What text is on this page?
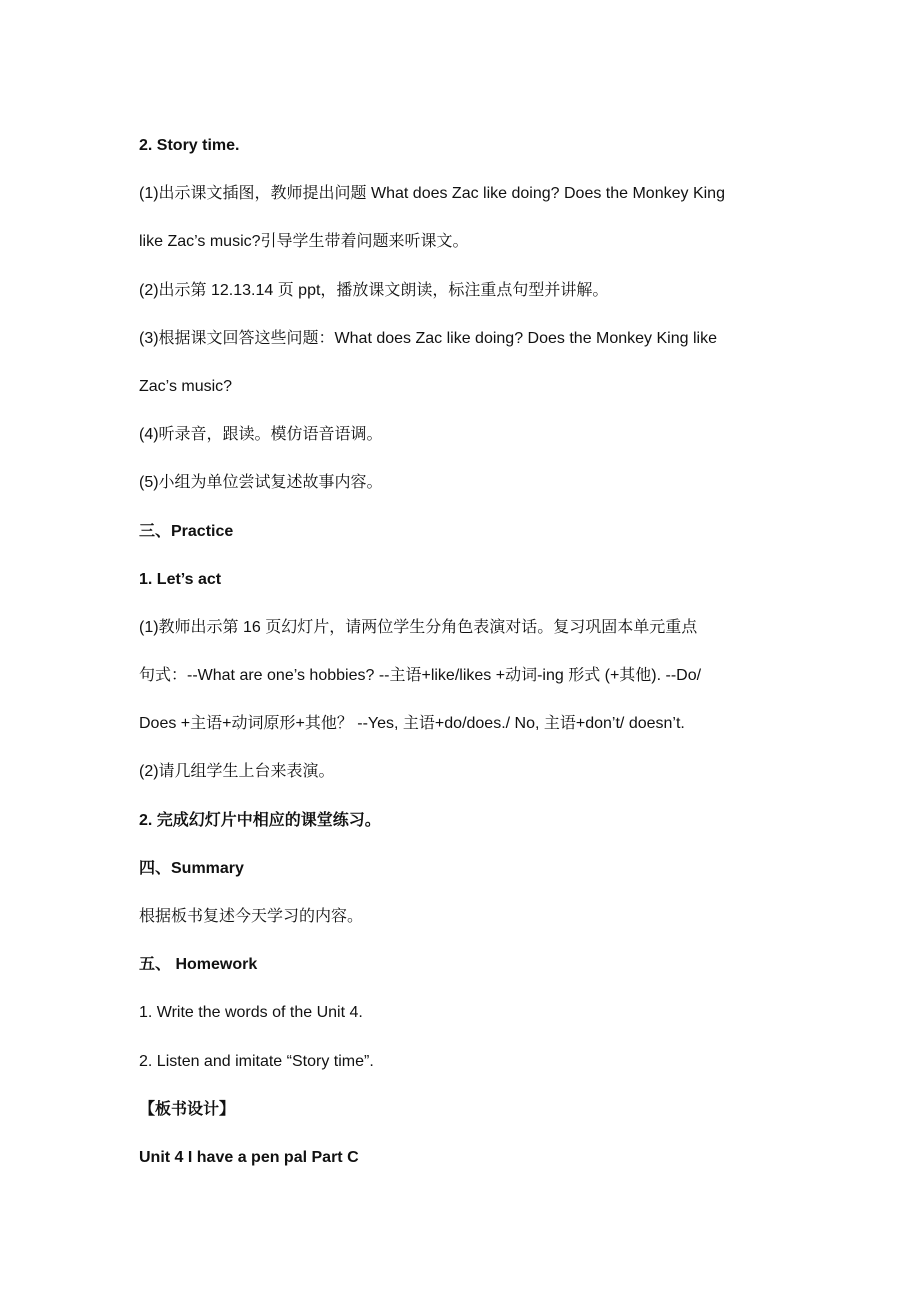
2. Story time.

(1)出示课文插图，教师提出问题 What does Zac like doing? Does the Monkey King

like Zac’s music?引导学生带着问题来听课文。

(2)出示第 12.13.14 页 ppt，播放课文朗读，标注重点句型并讲解。

(3)根据课文回答这些问题：What does Zac like doing? Does the Monkey King like

Zac’s music?

(4)听录音，跟读。模仿语音语调。

(5)小组为单位尝试复述故事内容。

三、Practice

1. Let’s act

(1)教师出示第 16 页幻灯片，请两位学生分角色表演对话。复习巩固本单元重点

句式：--What are one’s hobbies? --主语+like/likes +动词-ing 形式 (+其他). --Do/

Does +主语+动词原形+其他？ --Yes, 主语+do/does./ No, 主语+don’t/ doesn’t.

(2)请几组学生上台来表演。

2. 完成幻灯片中相应的课堂练习。

四、Summary

根据板书复述今天学习的内容。

五、 Homework

1. Write the words of the Unit 4.

2. Listen and imitate “Story time”.

【板书设计】

Unit 4 I have a pen pal Part C
